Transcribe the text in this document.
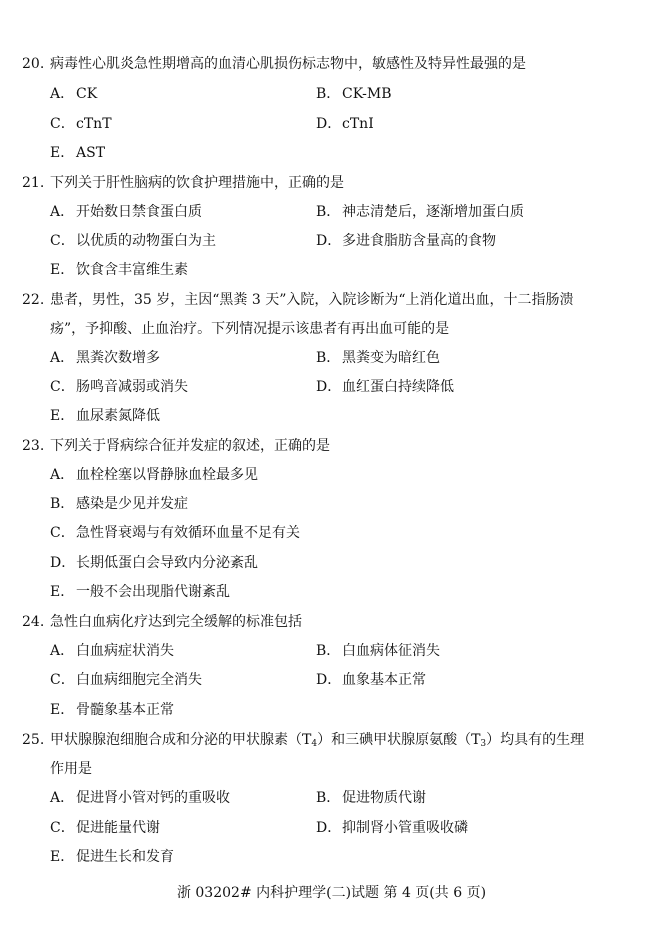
20. 病毒性心肌炎急性期增高的血清心肌损伤标志物中，敏感性及特异性最强的是
A． CK	B． CK-MB
C．cTnT	D．cTnI
E． AST
21. 下列关于肝性脑病的饮食护理措施中，正确的是
A． 开始数日禁食蛋白质	B． 神志清楚后，逐渐增加蛋白质
C．以优质的动物蛋白为主	D．多进食脂肪含量高的食物
E． 饮食含丰富维生素
22. 患者，男性，35 岁，主因“黑粪 3 天”入院，入院诊断为“上消化道出血，十二指肠溃
疡”，予抑酸、止血治疗。下列情况提示该患者有再出血可能的是
A． 黑粪次数增多	B． 黑粪变为暗红色
C．肠鸣音减弱或消失	D．血红蛋白持续降低
E． 血尿素氮降低
23. 下列关于肾病综合征并发症的叙述，正确的是
A． 血栓栓塞以肾静脉血栓最多见
B． 感染是少见并发症
C．急性肾衰竭与有效循环血量不足有关
D．长期低蛋白会导致内分泌紊乱
E． 一般不会出现脂代谢紊乱
24. 急性白血病化疗达到完全缓解的标准包括
A． 白血病症状消失	B． 白血病体征消失
C．白血病细胞完全消失	D．血象基本正常
E． 骨髓象基本正常
25. 甲状腺腺泡细胞合成和分泌的甲状腺素$(T_4)$和三碘甲状腺原氨酸$(T_3)$均具有的生理
作用是
A． 促进肾小管对钙的重吸收	B． 促进物质代谢
C．促进能量代谢	D．抑制肾小管重吸收磷
E． 促进生长和发育
浙 03202# 内科护理学(二)试题 第 4 页(共 6 页)
